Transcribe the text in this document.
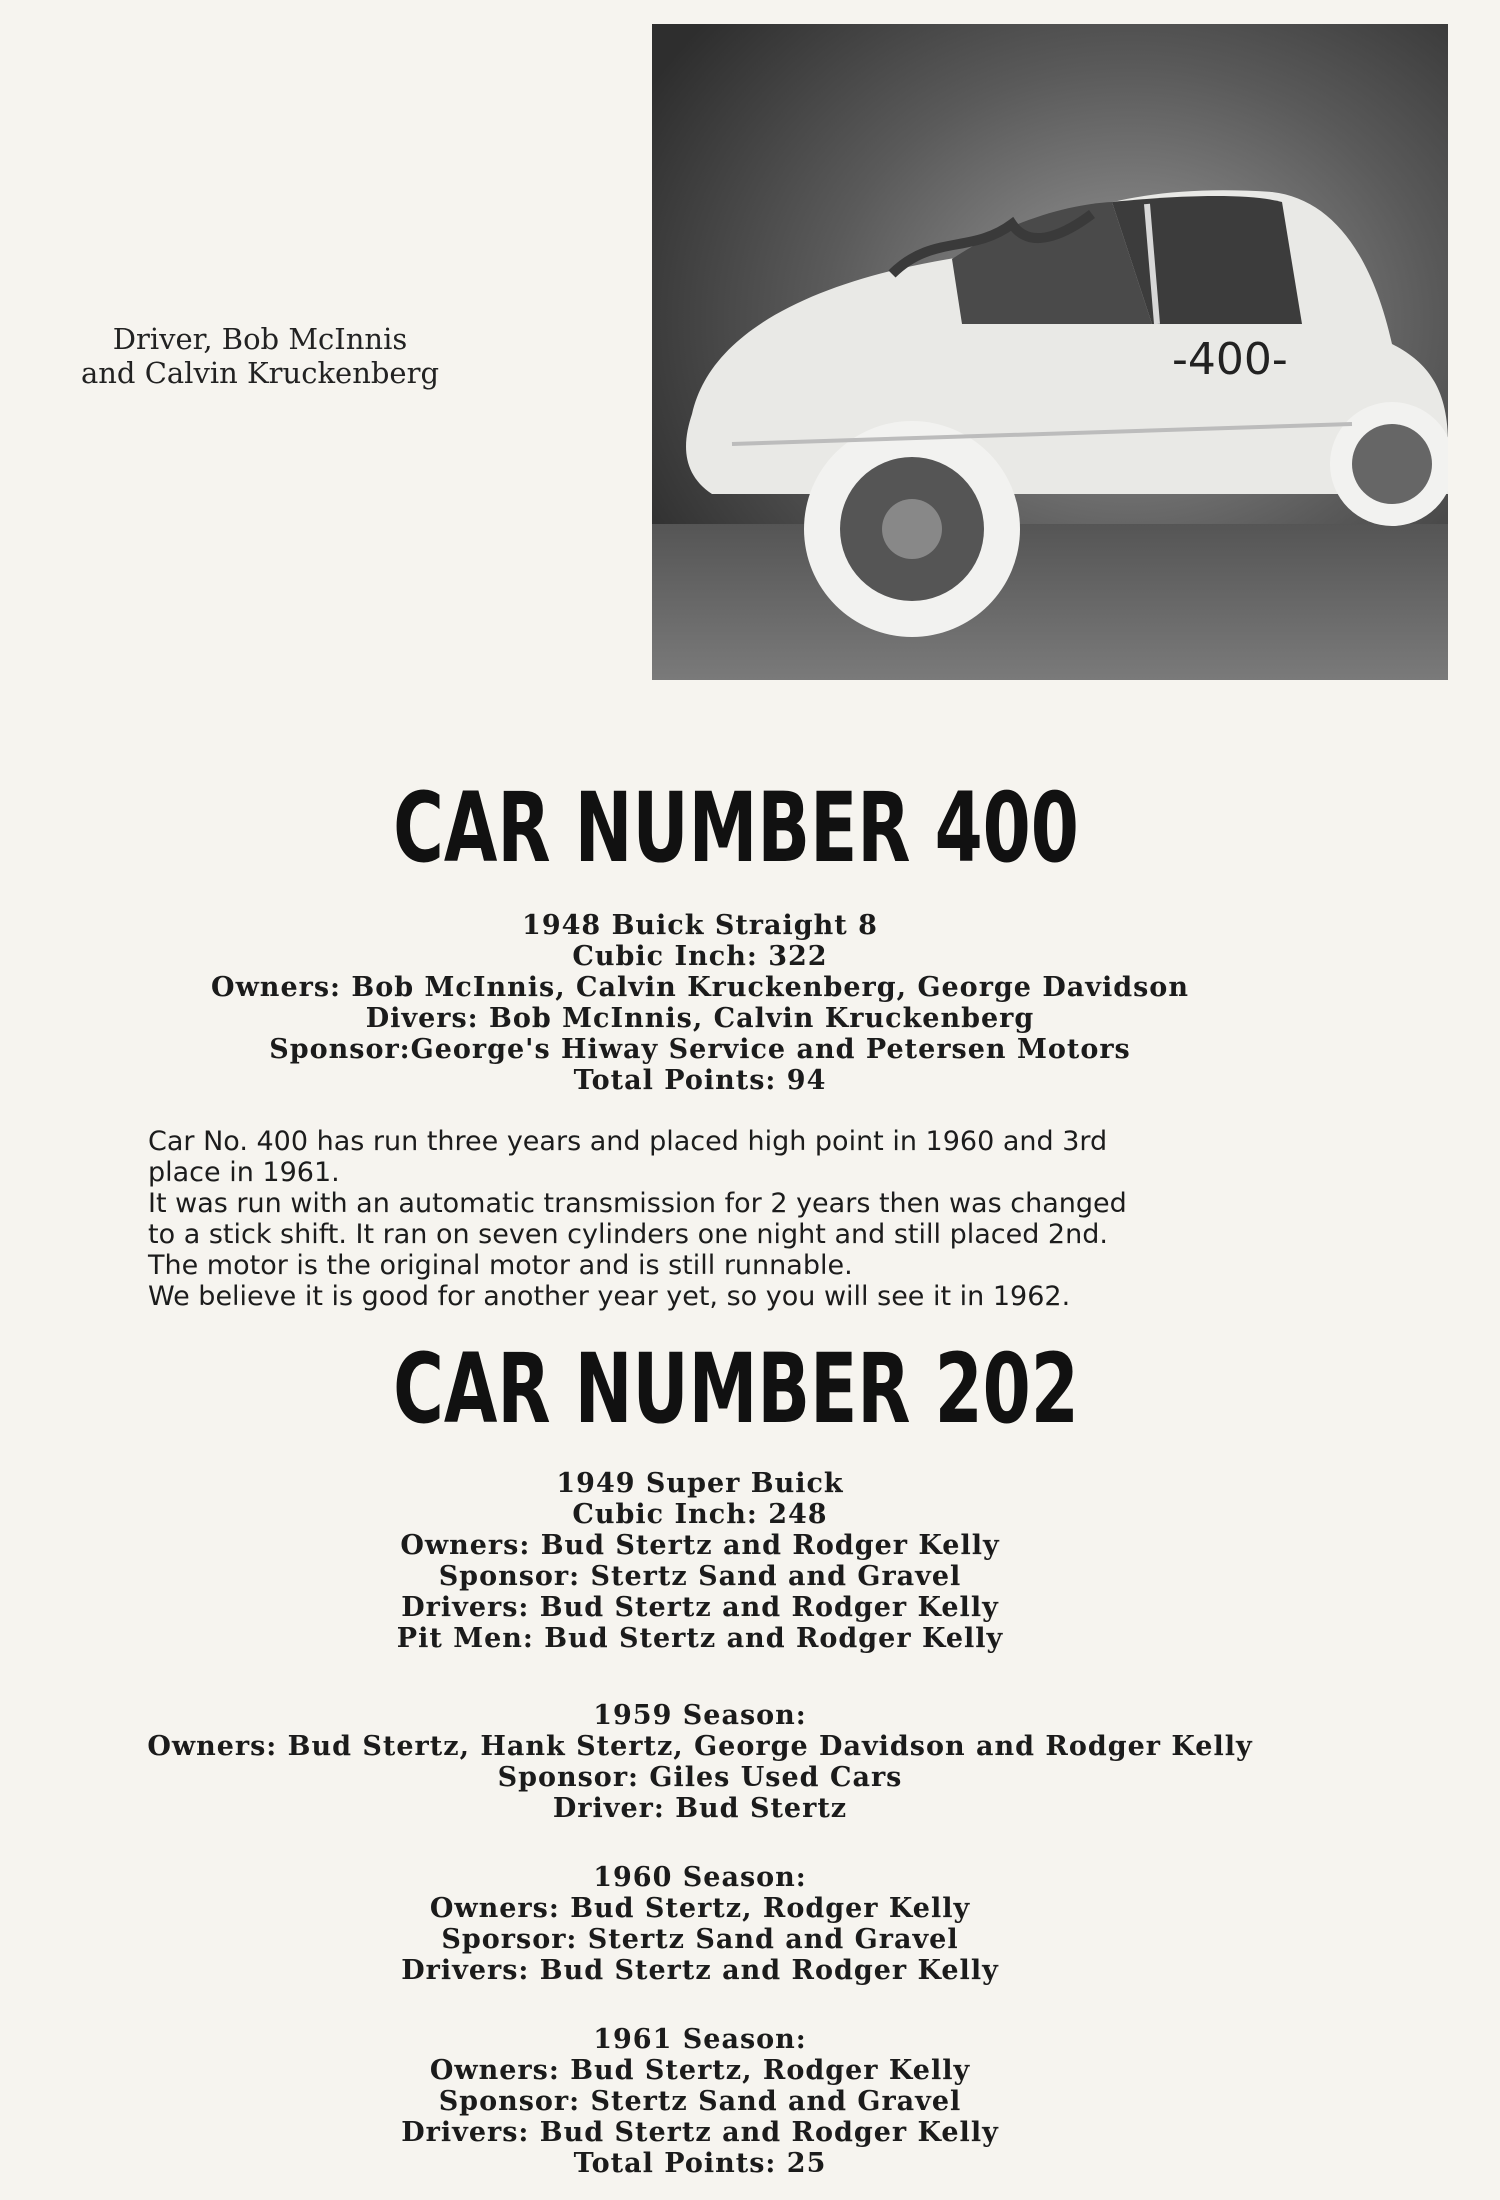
Driver, Bob McInnis
and Calvin Kruckenberg	-400-
CAR NUMBER 400
1948 Buick Straight 8
Cubic Inch: 322
Owners: Bob McInnis, Calvin Kruckenberg, George Davidson
Divers: Bob McInnis, Calvin Kruckenberg
Sponsor:George's Hiway Service and Petersen Motors
Total Points: 94
Car No. 400 has run three years and placed high point in 1960 and 3rd
place in 1961.
It was run with an automatic transmission for 2 years then was changed
to a stick shift. It ran on seven cylinders one night and still placed 2nd.
The motor is the original motor and is still runnable.
We believe it is good for another year yet, so you will see it in 1962.
CAR NUMBER 202
1949 Super Buick
Cubic Inch: 248
Owners: Bud Stertz and Rodger Kelly
Sponsor: Stertz Sand and Gravel
Drivers: Bud Stertz and Rodger Kelly
Pit Men: Bud Stertz and Rodger Kelly
1959 Season:
Owners: Bud Stertz, Hank Stertz, George Davidson and Rodger Kelly
Sponsor: Giles Used Cars
Driver: Bud Stertz
1960 Season:
Owners: Bud Stertz, Rodger Kelly
Sporsor: Stertz Sand and Gravel
Drivers: Bud Stertz and Rodger Kelly
1961 Season:
Owners: Bud Stertz, Rodger Kelly
Sponsor: Stertz Sand and Gravel
Drivers: Bud Stertz and Rodger Kelly
Total Points: 25
